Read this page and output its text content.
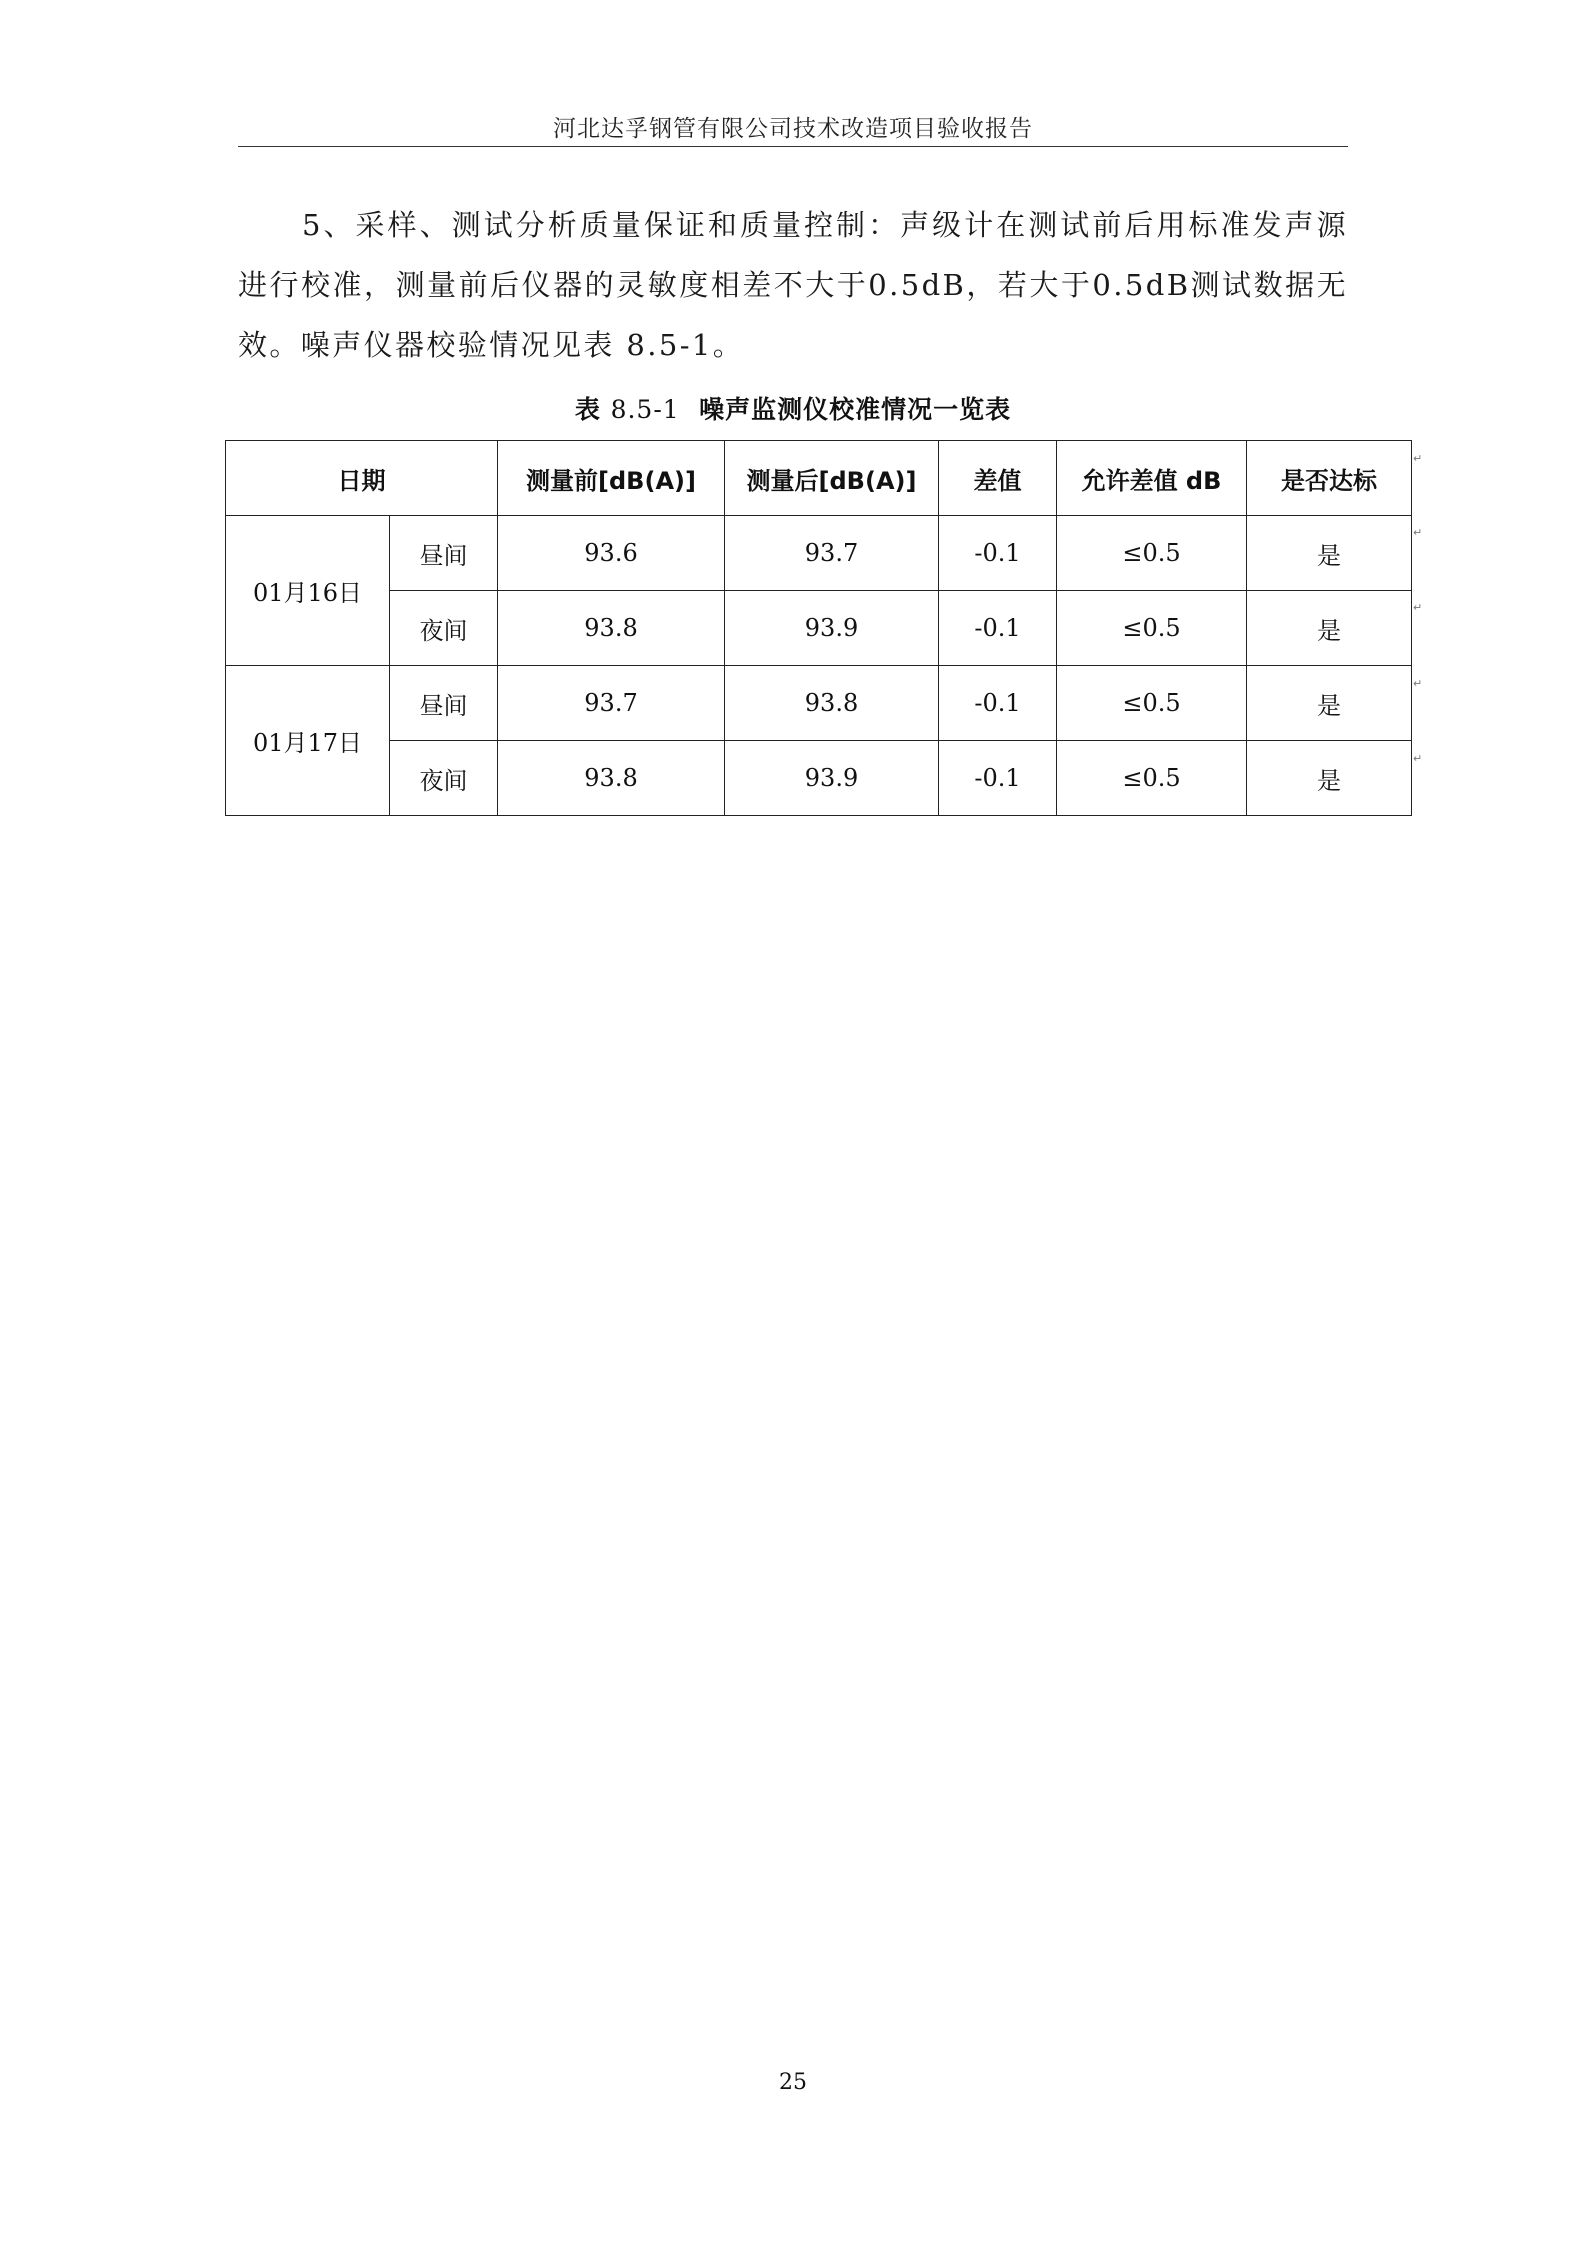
河北达孚钢管有限公司技术改造项目验收报告
5、采样、测试分析质量保证和质量控制：声级计在测试前后用标准发声源进行校准，测量前后仪器的灵敏度相差不大于0.5dB，若大于0.5dB测试数据无效。噪声仪器校验情况见表 8.5-1。
表 8.5-1 噪声监测仪校准情况一览表
日期		测量前[dB(A)]	测量后[dB(A)]	差值	允许差值 dB	是否达标
01月16日	昼间	93.6	93.7	-0.1	≤0.5	是
	夜间	93.8	93.9	-0.1	≤0.5	是
01月17日	昼间	93.7	93.8	-0.1	≤0.5	是
	夜间	93.8	93.9	-0.1	≤0.5	是
↵
↵
↵
↵
↵
25
